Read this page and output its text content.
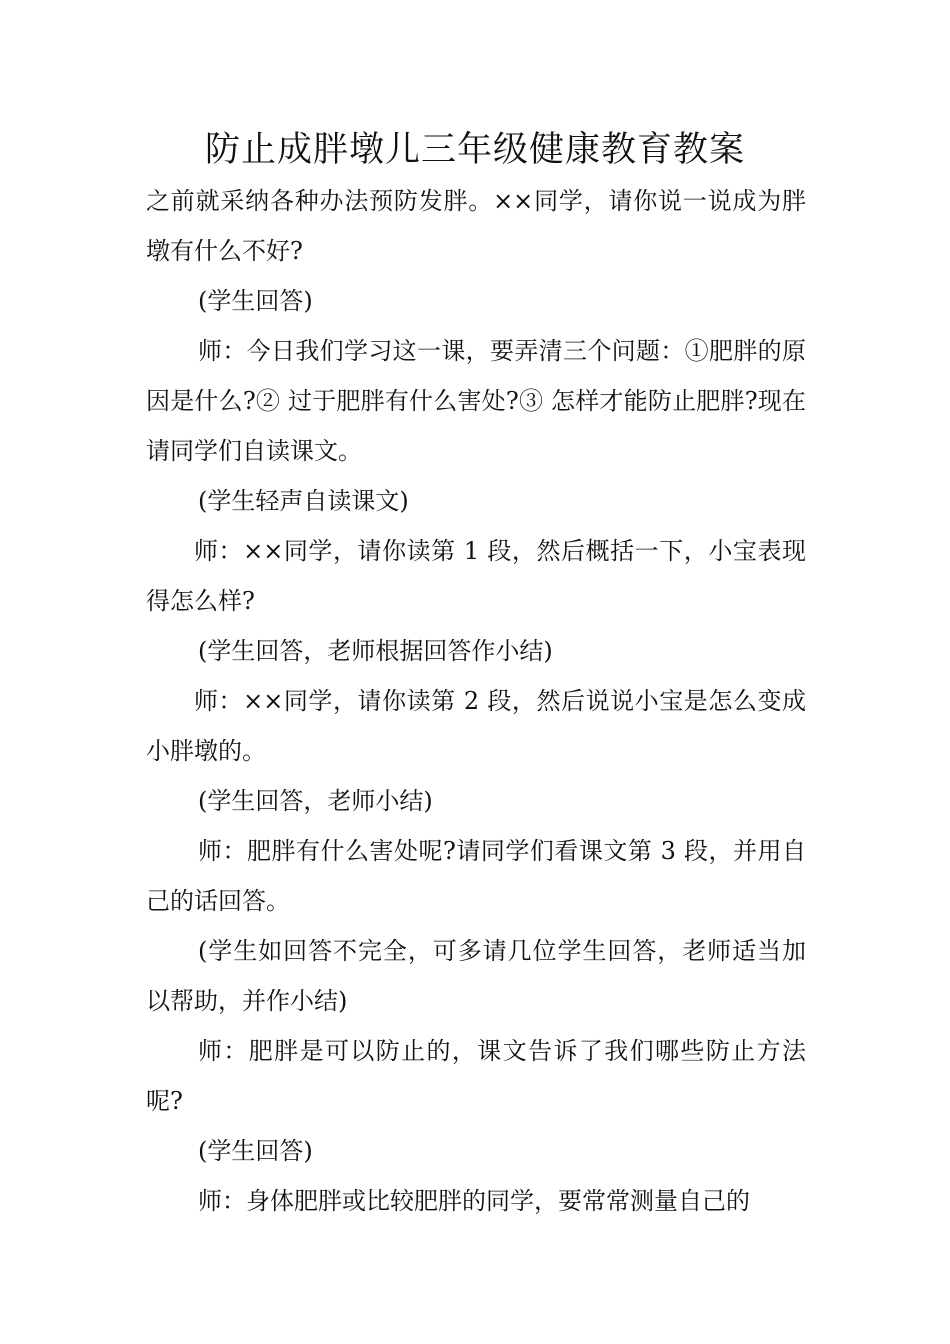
防止成胖墩儿三年级健康教育教案

之前就采纳各种办法预防发胖。××同学，请你说一说成为胖墩有什么不好?

(学生回答)

师：今日我们学习这一课，要弄清三个问题：①肥胖的原因是什么?② 过于肥胖有什么害处?③ 怎样才能防止肥胖?现在请同学们自读课文。

(学生轻声自读课文)

师：××同学，请你读第 1 段，然后概括一下，小宝表现得怎么样?

(学生回答，老师根据回答作小结)

师：××同学，请你读第 2 段，然后说说小宝是怎么变成小胖墩的。

(学生回答，老师小结)

师：肥胖有什么害处呢?请同学们看课文第 3 段，并用自己的话回答。

(学生如回答不完全，可多请几位学生回答，老师适当加以帮助，并作小结)

师：肥胖是可以防止的，课文告诉了我们哪些防止方法呢?

(学生回答)

师：身体肥胖或比较肥胖的同学，要常常测量自己的
